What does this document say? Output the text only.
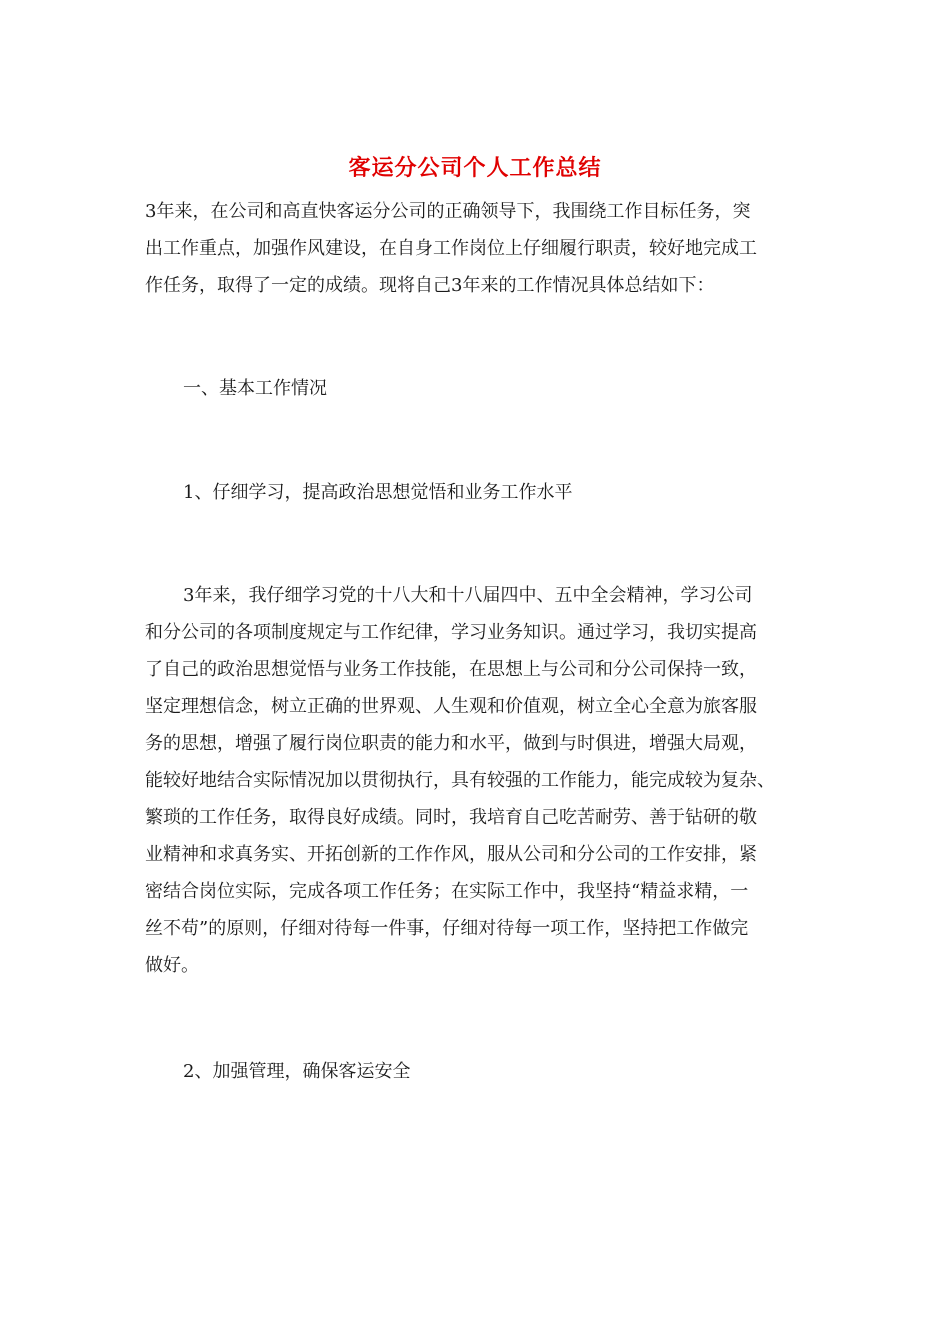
客运分公司个人工作总结
3年来，在公司和高直快客运分公司的正确领导下，我围绕工作目标任务，突
出工作重点，加强作风建设，在自身工作岗位上仔细履行职责，较好地完成工
作任务，取得了一定的成绩。现将自己3年来的工作情况具体总结如下：
一、基本工作情况
1、仔细学习，提高政治思想觉悟和业务工作水平
3年来，我仔细学习党的十八大和十八届四中、五中全会精神，学习公司
和分公司的各项制度规定与工作纪律，学习业务知识。通过学习，我切实提高
了自己的政治思想觉悟与业务工作技能，在思想上与公司和分公司保持一致，
坚定理想信念，树立正确的世界观、人生观和价值观，树立全心全意为旅客服
务的思想，增强了履行岗位职责的能力和水平，做到与时俱进，增强大局观，
能较好地结合实际情况加以贯彻执行，具有较强的工作能力，能完成较为复杂、
繁琐的工作任务，取得良好成绩。同时，我培育自己吃苦耐劳、善于钻研的敬
业精神和求真务实、开拓创新的工作作风，服从公司和分公司的工作安排，紧
密结合岗位实际，完成各项工作任务；在实际工作中，我坚持“精益求精，一
丝不苟”的原则，仔细对待每一件事，仔细对待每一项工作，坚持把工作做完
做好。
2、加强管理，确保客运安全
